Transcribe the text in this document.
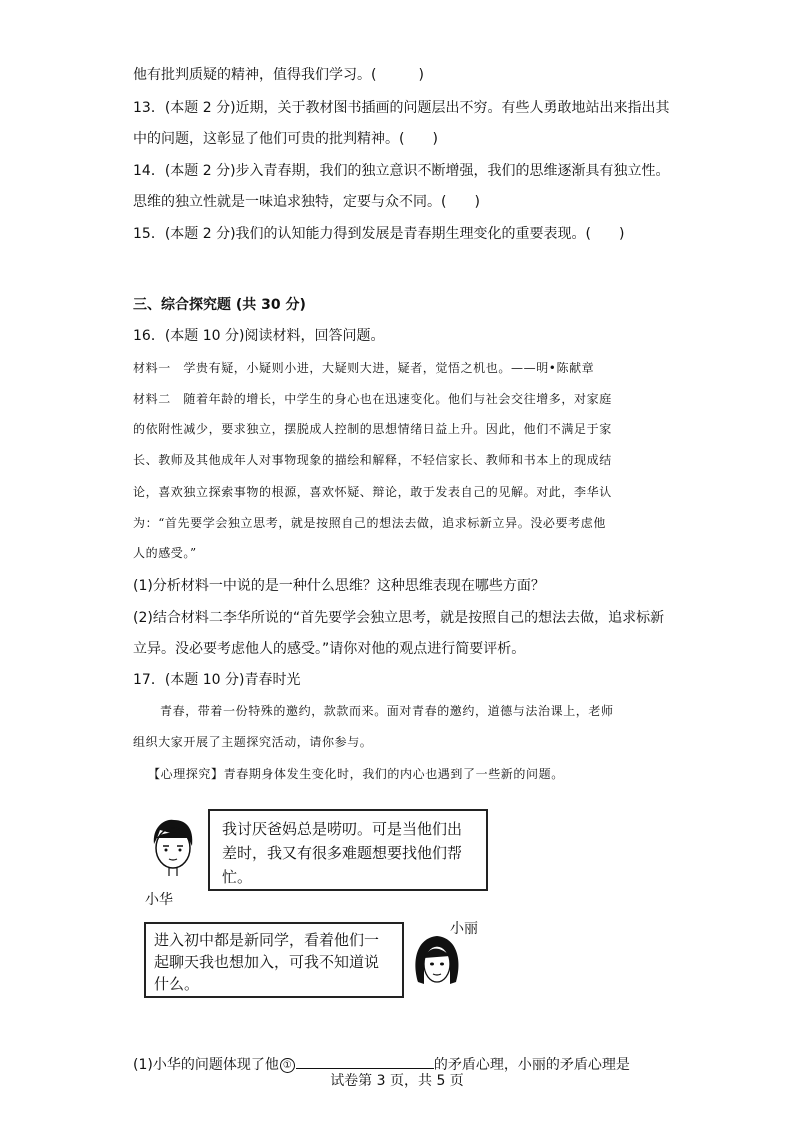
他有批判质疑的精神，值得我们学习。(　　　)
13．(本题 2 分)近期，关于教材图书插画的问题层出不穷。有些人勇敢地站出来指出其
中的问题，这彰显了他们可贵的批判精神。(　　)
14．(本题 2 分)步入青春期，我们的独立意识不断增强，我们的思维逐渐具有独立性。
思维的独立性就是一味追求独特，定要与众不同。(　　)
15．(本题 2 分)我们的认知能力得到发展是青春期生理变化的重要表现。(　　)
三、综合探究题 (共 30 分)
16．(本题 10 分)阅读材料，回答问题。
材料一　学贵有疑，小疑则小进，大疑则大进，疑者，觉悟之机也。——明•陈献章
材料二　随着年龄的增长，中学生的身心也在迅速变化。他们与社会交往增多，对家庭
的依附性减少，要求独立，摆脱成人控制的思想情绪日益上升。因此，他们不满足于家
长、教师及其他成年人对事物现象的描绘和解释，不轻信家长、教师和书本上的现成结
论，喜欢独立探索事物的根源，喜欢怀疑、辩论，敢于发表自己的见解。对此，李华认
为：“首先要学会独立思考，就是按照自己的想法去做，追求标新立异。没必要考虑他
人的感受。”
(1)分析材料一中说的是一种什么思维？这种思维表现在哪些方面？
(2)结合材料二李华所说的“首先要学会独立思考，就是按照自己的想法去做，追求标新
立异。没必要考虑他人的感受。”请你对他的观点进行简要评析。
17．(本题 10 分)青春时光
青春，带着一份特殊的邀约，款款而来。面对青春的邀约，道德与法治课上，老师
组织大家开展了主题探究活动，请你参与。
【心理探究】青春期身体发生变化时，我们的内心也遇到了一些新的问题。
小华
我讨厌爸妈总是唠叨。可是当他们出
差时，我又有很多难题想要找他们帮
忙。
进入初中都是新同学，看着他们一
起聊天我也想加入，可我不知道说
什么。
小丽
(1)小华的问题体现了他 ①	的矛盾心理，小丽的矛盾心理是
试卷第 3 页，共 5 页
